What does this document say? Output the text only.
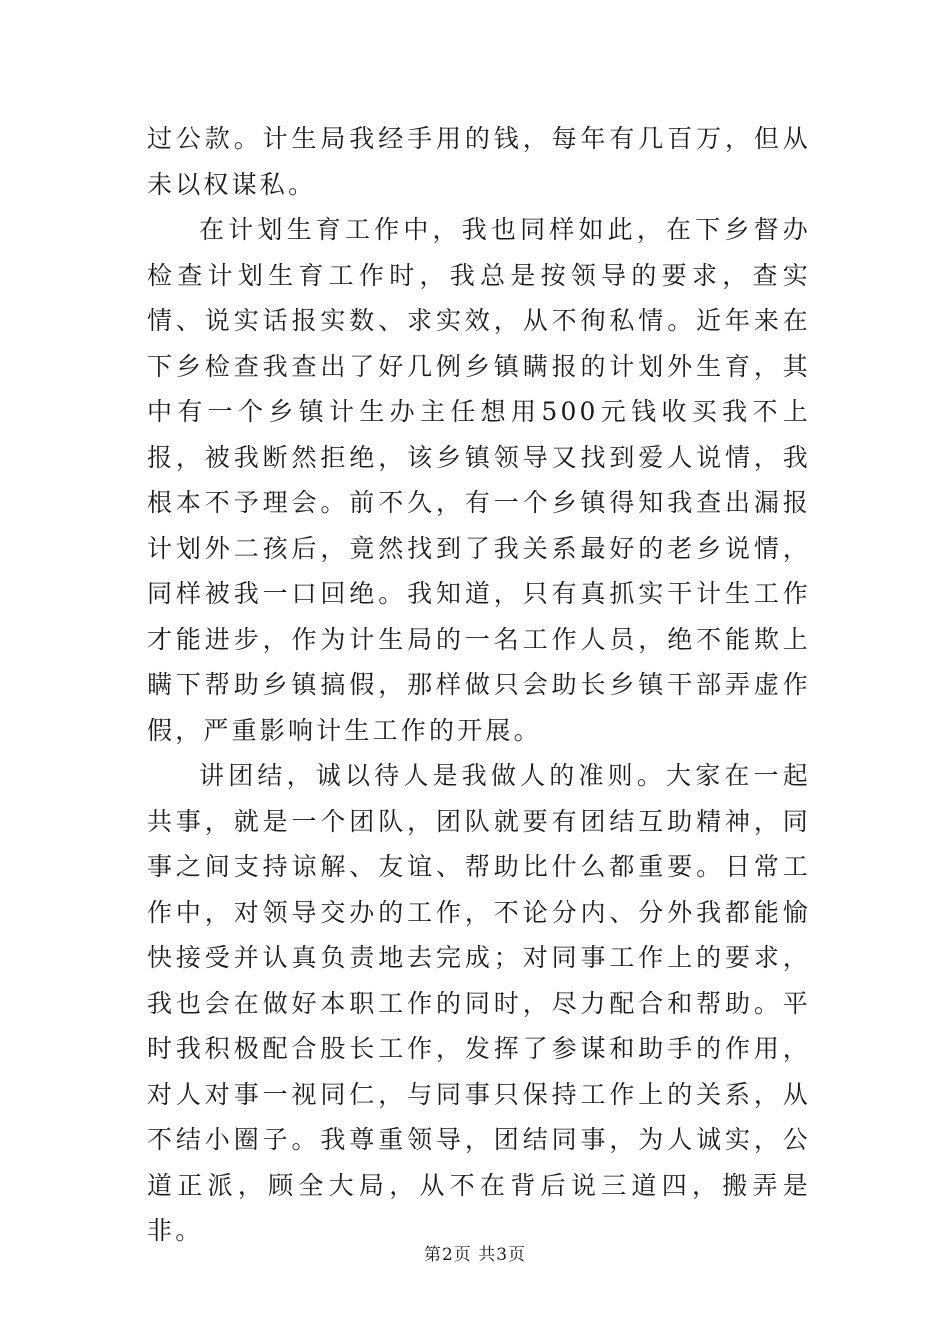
过公款。计生局我经手用的钱，每年有几百万，但从未以权谋私。

在计划生育工作中，我也同样如此，在下乡督办检查计划生育工作时，我总是按领导的要求，查实情、说实话报实数、求实效，从不徇私情。近年来在下乡检查我查出了好几例乡镇瞒报的计划外生育，其中有一个乡镇计生办主任想用500元钱收买我不上报，被我断然拒绝，该乡镇领导又找到爱人说情，我根本不予理会。前不久，有一个乡镇得知我查出漏报计划外二孩后，竟然找到了我关系最好的老乡说情，同样被我一口回绝。我知道，只有真抓实干计生工作才能进步，作为计生局的一名工作人员，绝不能欺上瞒下帮助乡镇搞假，那样做只会助长乡镇干部弄虚作假，严重影响计生工作的开展。

讲团结，诚以待人是我做人的准则。大家在一起共事，就是一个团队，团队就要有团结互助精神，同事之间支持谅解、友谊、帮助比什么都重要。日常工作中，对领导交办的工作，不论分内、分外我都能愉快接受并认真负责地去完成；对同事工作上的要求，我也会在做好本职工作的同时，尽力配合和帮助。平时我积极配合股长工作，发挥了参谋和助手的作用，对人对事一视同仁，与同事只保持工作上的关系，从不结小圈子。我尊重领导，团结同事，为人诚实，公道正派，顾全大局，从不在背后说三道四，搬弄是非。

第2页 共3页
